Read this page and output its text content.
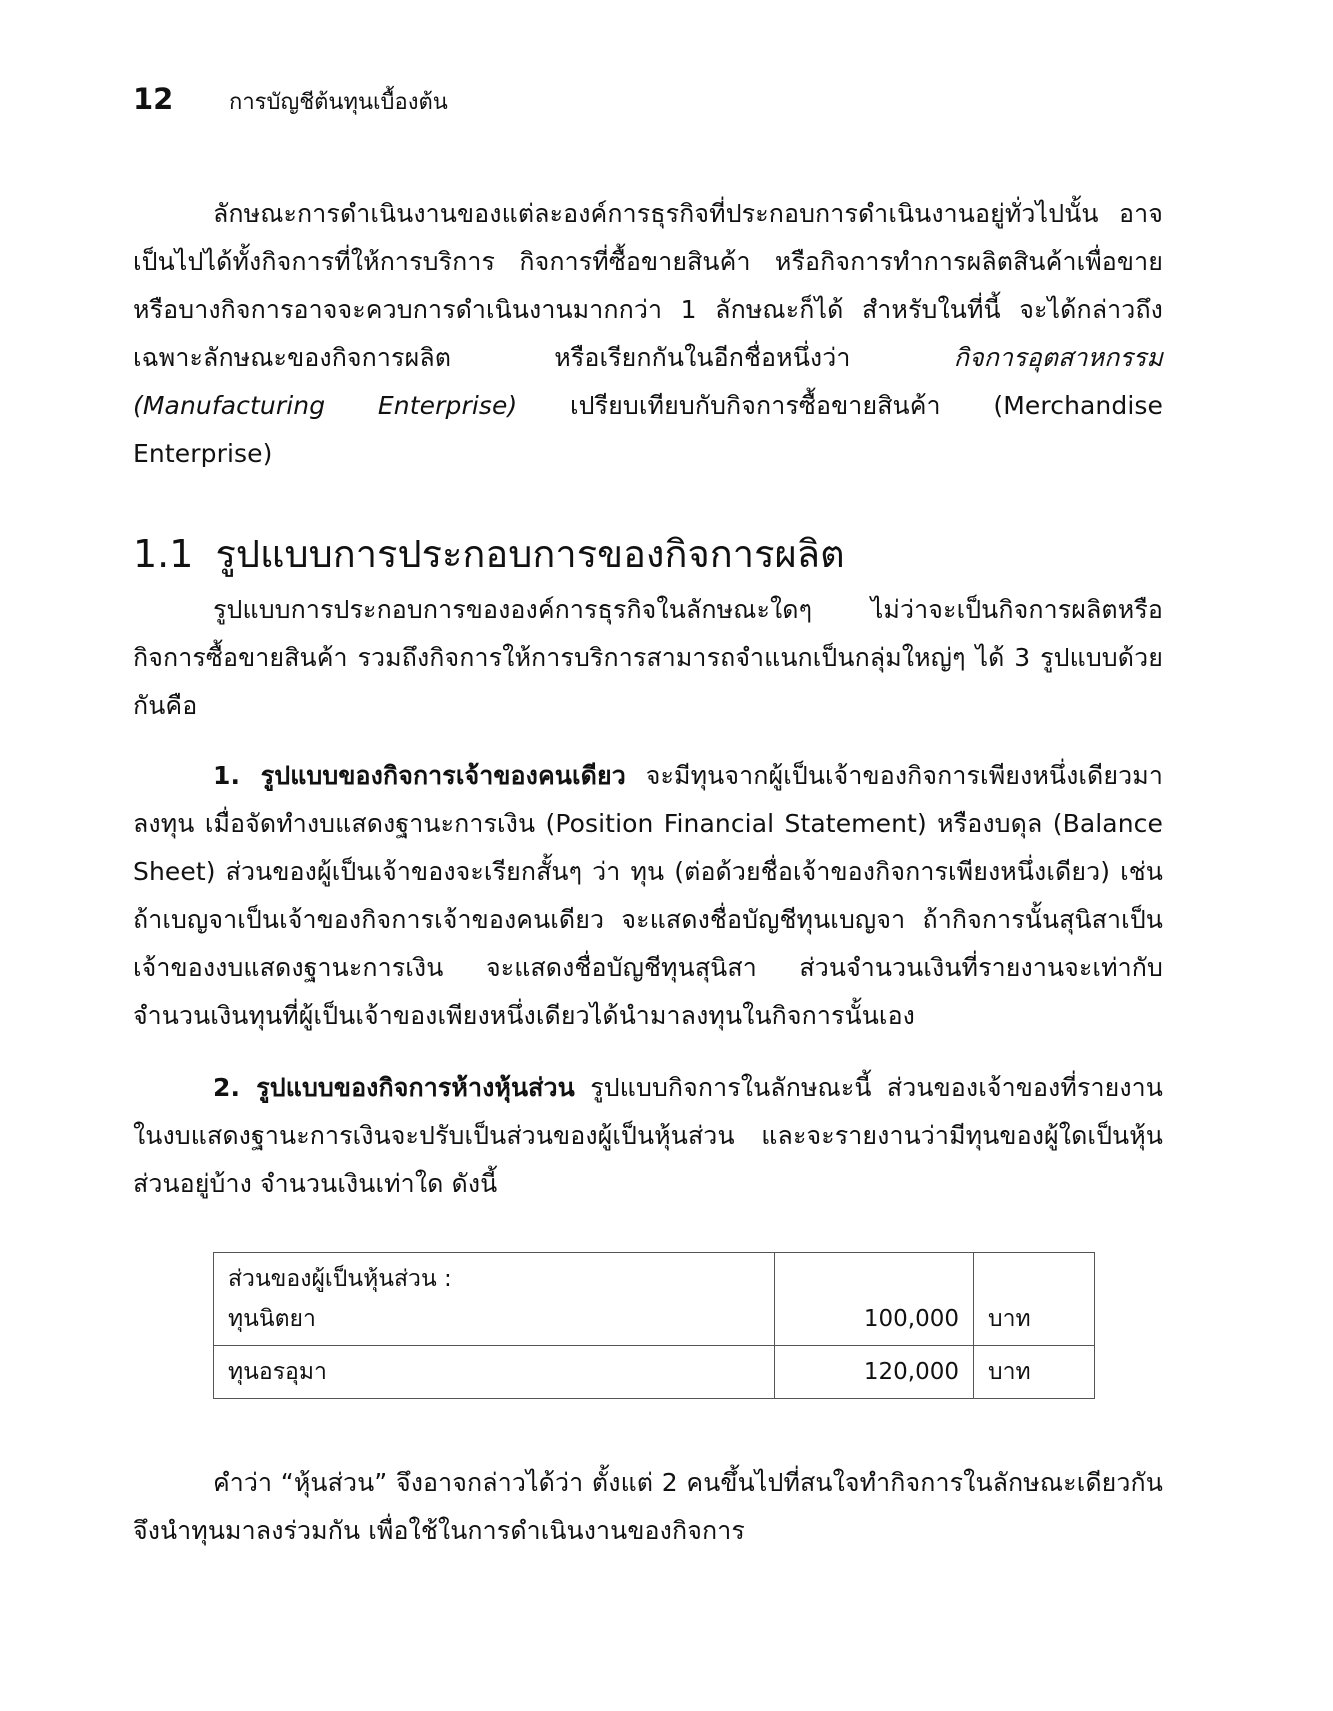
12	การบัญชีต้นทุนเบื้องต้น

ลักษณะการดำเนินงานของแต่ละองค์การธุรกิจที่ประกอบการดำเนินงานอยู่ทั่วไปนั้น อาจเป็นไปได้ทั้งกิจการที่ให้การบริการ กิจการที่ซื้อขายสินค้า หรือกิจการทำการผลิตสินค้าเพื่อขาย หรือบางกิจการอาจจะควบการดำเนินงานมากกว่า 1 ลักษณะก็ได้ สำหรับในที่นี้ จะได้กล่าวถึงเฉพาะลักษณะของกิจการผลิต หรือเรียกกันในอีกชื่อหนึ่งว่า กิจการอุตสาหกรรม (Manufacturing Enterprise) เปรียบเทียบกับกิจการซื้อขายสินค้า (Merchandise Enterprise)

1.1 รูปแบบการประกอบการของกิจการผลิต

รูปแบบการประกอบการขององค์การธุรกิจในลักษณะใดๆ ไม่ว่าจะเป็นกิจการผลิตหรือกิจการซื้อขายสินค้า รวมถึงกิจการให้การบริการสามารถจำแนกเป็นกลุ่มใหญ่ๆ ได้ 3 รูปแบบด้วยกันคือ

1. รูปแบบของกิจการเจ้าของคนเดียว จะมีทุนจากผู้เป็นเจ้าของกิจการเพียงหนึ่งเดียวมาลงทุน เมื่อจัดทำงบแสดงฐานะการเงิน (Position Financial Statement) หรืองบดุล (Balance Sheet) ส่วนของผู้เป็นเจ้าของจะเรียกสั้นๆ ว่า ทุน (ต่อด้วยชื่อเจ้าของกิจการเพียงหนึ่งเดียว) เช่น ถ้าเบญจาเป็นเจ้าของกิจการเจ้าของคนเดียว จะแสดงชื่อบัญชีทุนเบญจา ถ้ากิจการนั้นสุนิสาเป็นเจ้าของงบแสดงฐานะการเงิน จะแสดงชื่อบัญชีทุนสุนิสา ส่วนจำนวนเงินที่รายงานจะเท่ากับจำนวนเงินทุนที่ผู้เป็นเจ้าของเพียงหนึ่งเดียวได้นำมาลงทุนในกิจการนั้นเอง

2. รูปแบบของกิจการห้างหุ้นส่วน รูปแบบกิจการในลักษณะนี้ ส่วนของเจ้าของที่รายงานในงบแสดงฐานะการเงินจะปรับเป็นส่วนของผู้เป็นหุ้นส่วน และจะรายงานว่ามีทุนของผู้ใดเป็นหุ้นส่วนอยู่บ้าง จำนวนเงินเท่าใด ดังนี้

ส่วนของผู้เป็นหุ้นส่วน :
ทุนนิตยา	100,000	บาท

ทุนอรอุมา	120,000	บาท

คำว่า “หุ้นส่วน” จึงอาจกล่าวได้ว่า ตั้งแต่ 2 คนขึ้นไปที่สนใจทำกิจการในลักษณะเดียวกันจึงนำทุนมาลงร่วมกัน เพื่อใช้ในการดำเนินงานของกิจการ
